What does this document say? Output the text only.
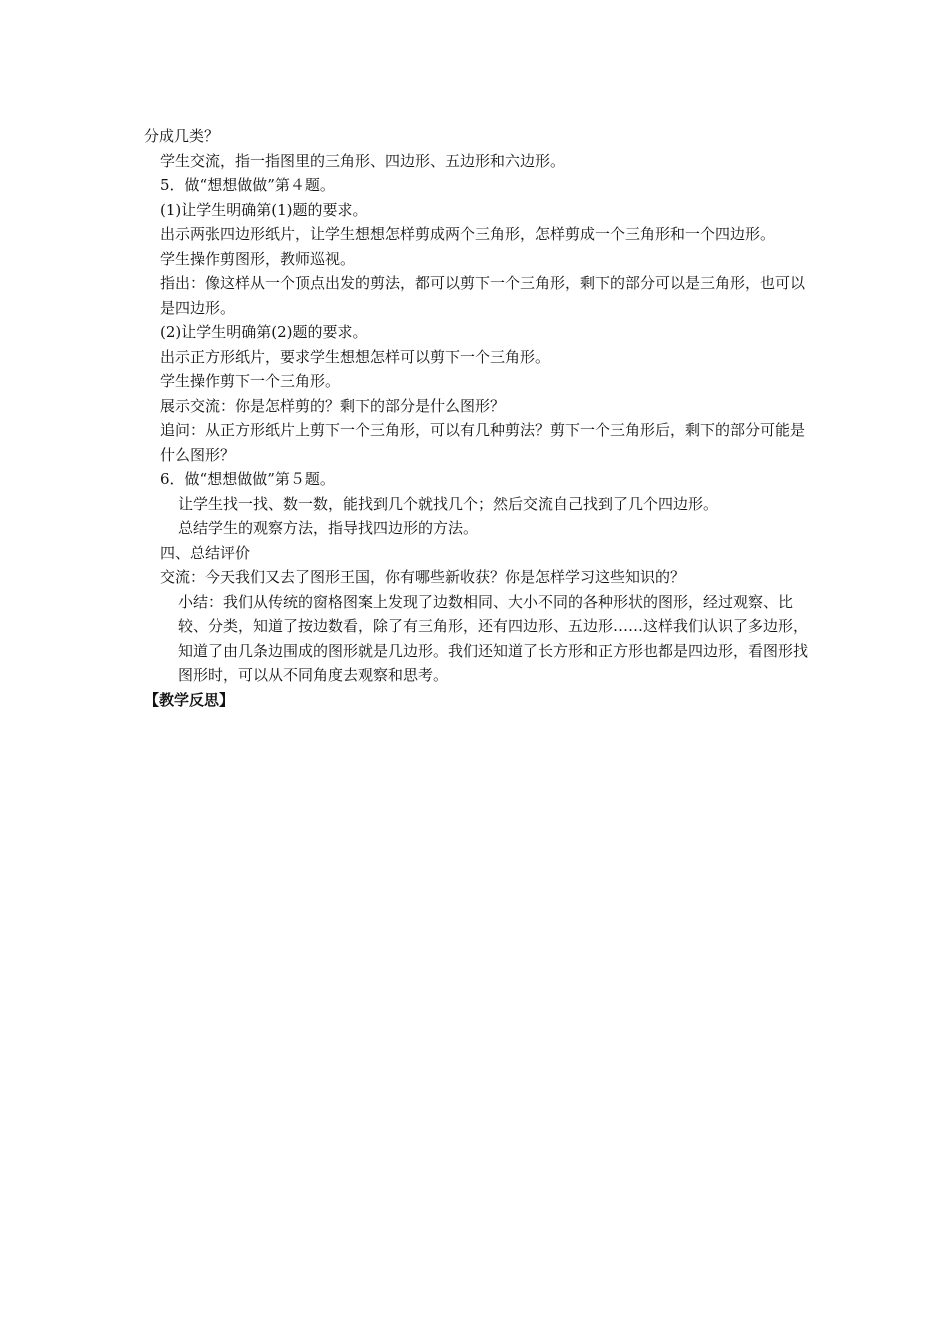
分成几类？
学生交流，指一指图里的三角形、四边形、五边形和六边形。
5．做“想想做做”第４题。
(1)让学生明确第(1)题的要求。
出示两张四边形纸片，让学生想想怎样剪成两个三角形，怎样剪成一个三角形和一个四边形。
学生操作剪图形，教师巡视。
指出：像这样从一个顶点出发的剪法，都可以剪下一个三角形，剩下的部分可以是三角形，也可以是四边形。
(2)让学生明确第(2)题的要求。
出示正方形纸片，要求学生想想怎样可以剪下一个三角形。
学生操作剪下一个三角形。
展示交流：你是怎样剪的？剩下的部分是什么图形？
追问：从正方形纸片上剪下一个三角形，可以有几种剪法？剪下一个三角形后，剩下的部分可能是什么图形？
6．做“想想做做”第５题。
让学生找一找、数一数，能找到几个就找几个；然后交流自己找到了几个四边形。
总结学生的观察方法，指导找四边形的方法。
四、总结评价
交流：今天我们又去了图形王国，你有哪些新收获？你是怎样学习这些知识的？
小结：我们从传统的窗格图案上发现了边数相同、大小不同的各种形状的图形，经过观察、比较、分类，知道了按边数看，除了有三角形，还有四边形、五边形……这样我们认识了多边形，知道了由几条边围成的图形就是几边形。我们还知道了长方形和正方形也都是四边形，看图形找图形时，可以从不同角度去观察和思考。
【教学反思】
